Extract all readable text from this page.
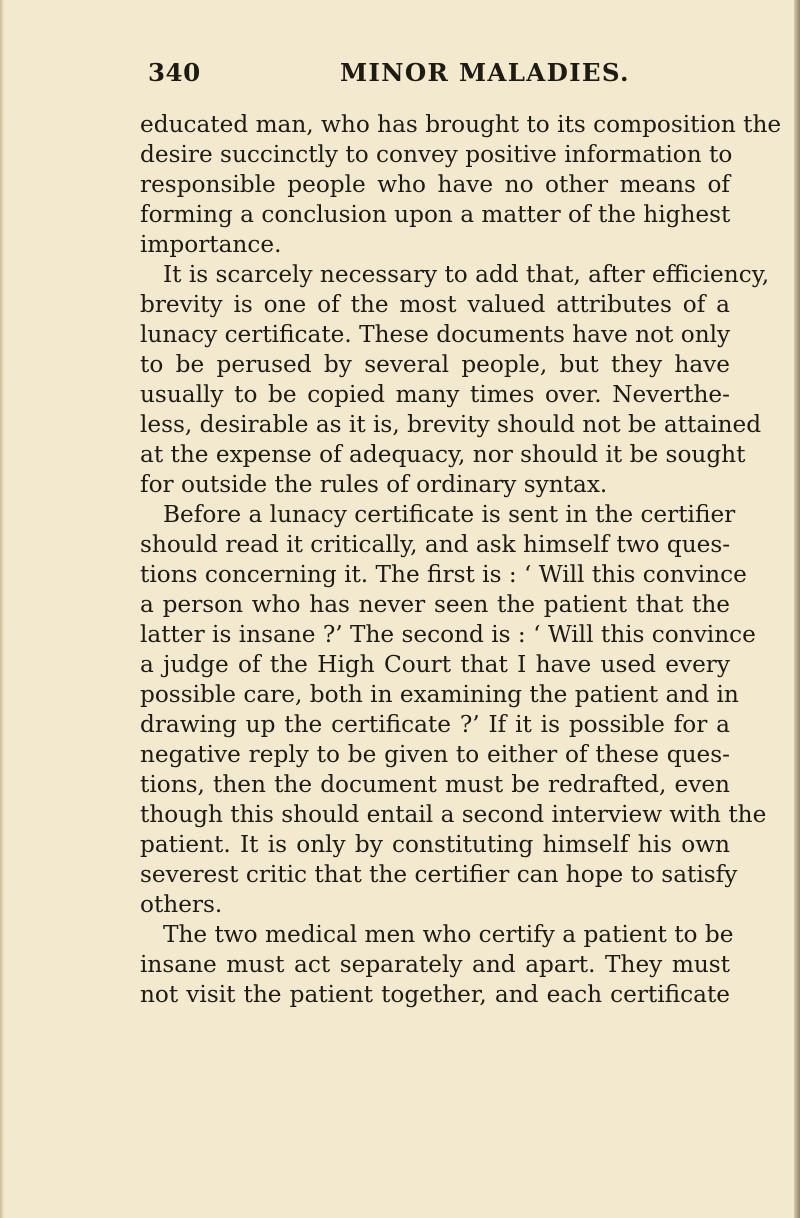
340	MINOR MALADIES.
educated man, who has brought to its composition the
desire succinctly to convey positive information to
responsible people who have no other means of
forming a conclusion upon a matter of the highest
importance.
It is scarcely necessary to add that, after efficiency,
brevity is one of the most valued attributes of a
lunacy certificate. These documents have not only
to be perused by several people, but they have
usually to be copied many times over. Neverthe-
less, desirable as it is, brevity should not be attained
at the expense of adequacy, nor should it be sought
for outside the rules of ordinary syntax.
Before a lunacy certificate is sent in the certifier
should read it critically, and ask himself two ques-
tions concerning it. The first is : ‘ Will this convince
a person who has never seen the patient that the
latter is insane ?’ The second is : ‘ Will this convince
a judge of the High Court that I have used every
possible care, both in examining the patient and in
drawing up the certificate ?’ If it is possible for a
negative reply to be given to either of these ques-
tions, then the document must be redrafted, even
though this should entail a second interview with the
patient. It is only by constituting himself his own
severest critic that the certifier can hope to satisfy
others.
The two medical men who certify a patient to be
insane must act separately and apart. They must
not visit the patient together, and each certificate
